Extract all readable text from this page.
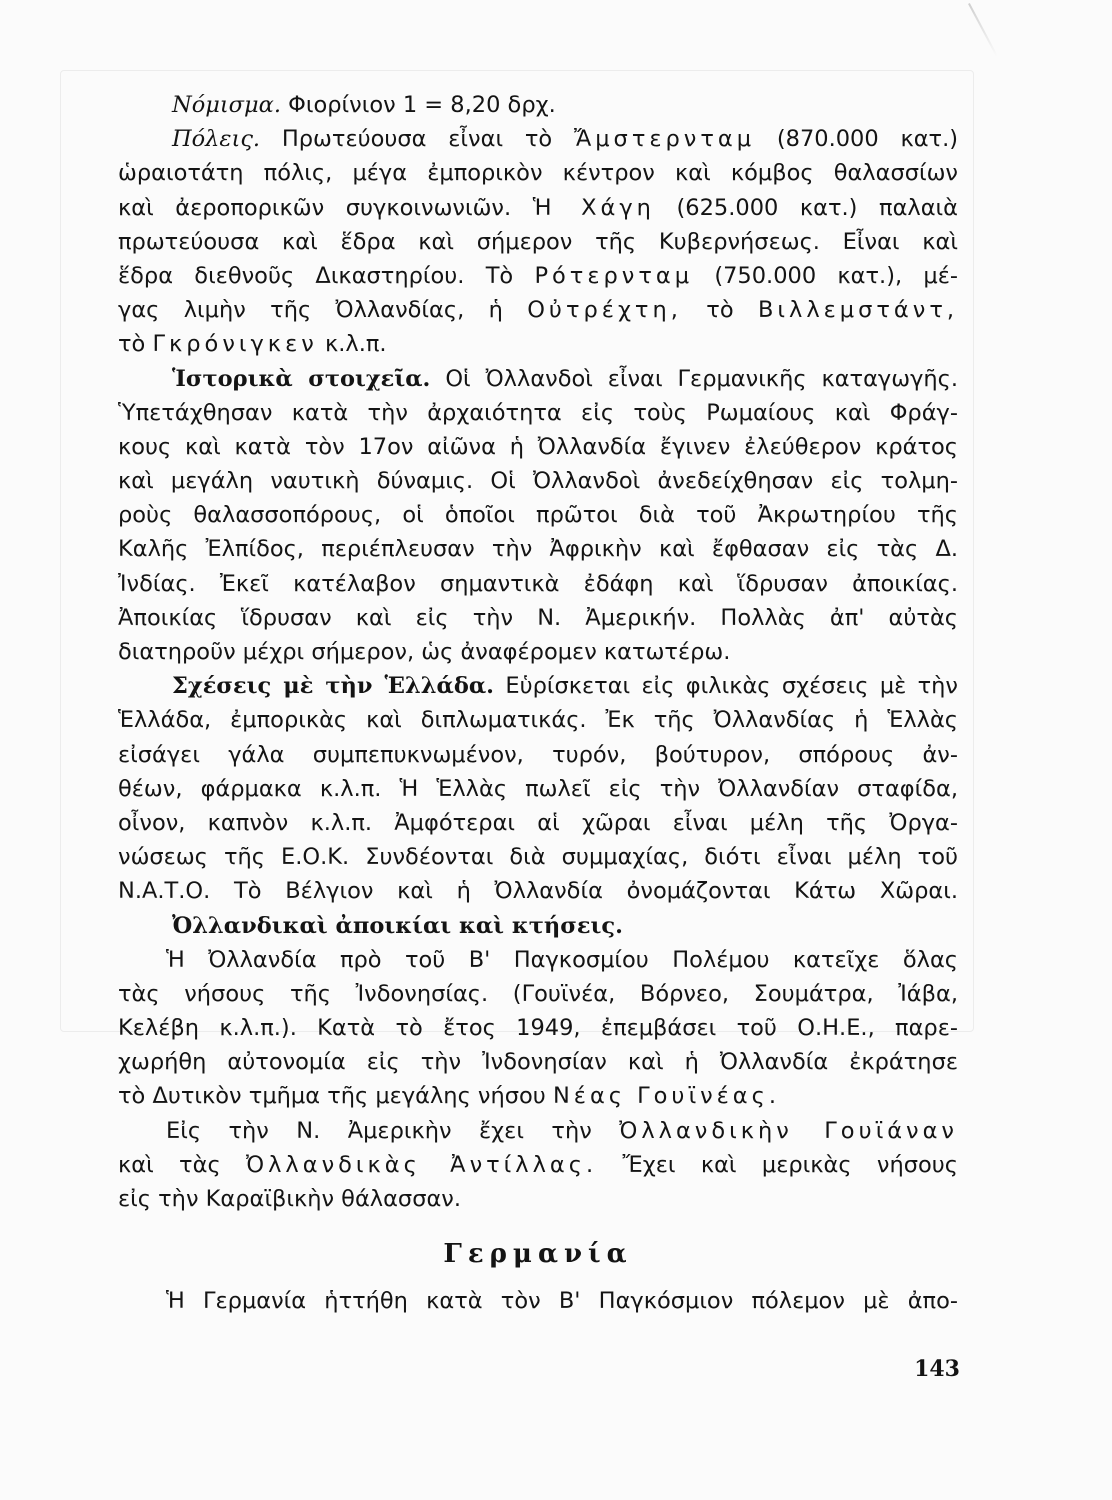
Νόμισμα. Φιορίνιον 1 = 8,20 δρχ.
Πόλεις. Πρωτεύουσα εἶναι τὸ Ἄμστερνταμ (870.000 κατ.)
ὡραιοτάτη πόλις, μέγα ἐμπορικὸν κέντρον καὶ κόμβος θαλασσίων
καὶ ἀεροπορικῶν συγκοινωνιῶν. Ἡ Χάγη (625.000 κατ.) παλαιὰ
πρωτεύουσα καὶ ἕδρα καὶ σήμερον τῆς Κυβερνήσεως. Εἶναι καὶ
ἕδρα διεθνοῦς Δικαστηρίου. Τὸ Ρότερνταμ (750.000 κατ.), μέ-
γας λιμὴν τῆς Ὀλλανδίας, ἡ Οὐτρέχτη, τὸ Βιλλεμστάντ,
τὸ Γκρόνιγκεν κ.λ.π.
Ἱστορικὰ στοιχεῖα. Οἱ Ὀλλανδοὶ εἶναι Γερμανικῆς καταγωγῆς.
Ὑπετάχθησαν κατὰ τὴν ἀρχαιότητα εἰς τοὺς Ρωμαίους καὶ Φράγ-
κους καὶ κατὰ τὸν 17ον αἰῶνα ἡ Ὀλλανδία ἔγινεν ἐλεύθερον κράτος
καὶ μεγάλη ναυτικὴ δύναμις. Οἱ Ὀλλανδοὶ ἀνεδείχθησαν εἰς τολμη-
ροὺς θαλασσοπόρους, οἱ ὁποῖοι πρῶτοι διὰ τοῦ Ἀκρωτηρίου τῆς
Καλῆς Ἐλπίδος, περιέπλευσαν τὴν Ἀφρικὴν καὶ ἔφθασαν εἰς τὰς Δ.
Ἰνδίας. Ἐκεῖ κατέλαβον σημαντικὰ ἐδάφη καὶ ἵδρυσαν ἀποικίας.
Ἀποικίας ἵδρυσαν καὶ εἰς τὴν Ν. Ἀμερικήν. Πολλὰς ἀπ' αὐτὰς
διατηροῦν μέχρι σήμερον, ὡς ἀναφέρομεν κατωτέρω.
Σχέσεις μὲ τὴν Ἑλλάδα. Εὑρίσκεται εἰς φιλικὰς σχέσεις μὲ τὴν
Ἑλλάδα, ἐμπορικὰς καὶ διπλωματικάς. Ἐκ τῆς Ὀλλανδίας ἡ Ἑλλὰς
εἰσάγει γάλα συμπεπυκνωμένον, τυρόν, βούτυρον, σπόρους ἀν-
θέων, φάρμακα κ.λ.π. Ἡ Ἑλλὰς πωλεῖ εἰς τὴν Ὀλλανδίαν σταφίδα,
οἶνον, καπνὸν κ.λ.π. Ἀμφότεραι αἱ χῶραι εἶναι μέλη τῆς Ὀργα-
νώσεως τῆς Ε.Ο.Κ. Συνδέονται διὰ συμμαχίας, διότι εἶναι μέλη τοῦ
Ν.Α.Τ.Ο. Τὸ Βέλγιον καὶ ἡ Ὀλλανδία ὀνομάζονται Κάτω Χῶραι.
Ὀλλανδικαὶ ἀποικίαι καὶ κτήσεις.
Ἡ Ὀλλανδία πρὸ τοῦ Β' Παγκοσμίου Πολέμου κατεῖχε ὅλας
τὰς νήσους τῆς Ἰνδονησίας. (Γουϊνέα, Βόρνεο, Σουμάτρα, Ἰάβα,
Κελέβη κ.λ.π.). Κατὰ τὸ ἔτος 1949, ἐπεμβάσει τοῦ Ο.Η.Ε., παρε-
χωρήθη αὐτονομία εἰς τὴν Ἰνδονησίαν καὶ ἡ Ὀλλανδία ἐκράτησε
τὸ Δυτικὸν τμῆμα τῆς μεγάλης νήσου Νέας Γουϊνέας.
Εἰς τὴν Ν. Ἀμερικὴν ἔχει τὴν Ὀλλανδικὴν Γουϊάναν
καὶ τὰς Ὀλλανδικὰς Ἀντίλλας. Ἔχει καὶ μερικὰς νήσους
εἰς τὴν Καραϊβικὴν θάλασσαν.
Γερμανία
Ἡ Γερμανία ἡττήθη κατὰ τὸν Β' Παγκόσμιον πόλεμον μὲ ἀπο-
143
